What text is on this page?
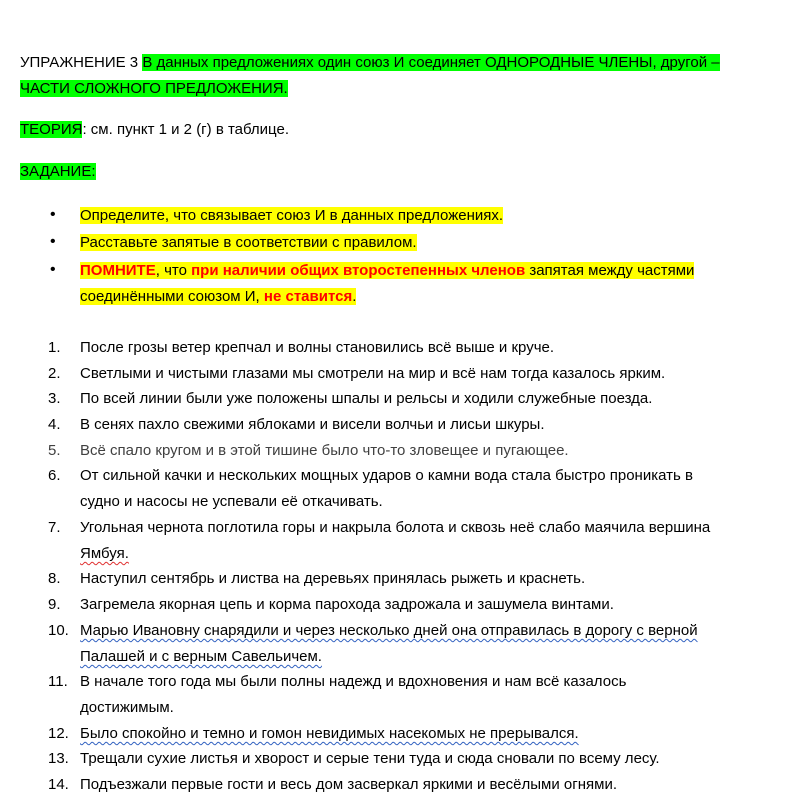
УПРАЖНЕНИЕ 3 В данных предложениях один союз И соединяет ОДНОРОДНЫЕ ЧЛЕНЫ, другой –
ЧАСТИ СЛОЖНОГО ПРЕДЛОЖЕНИЯ.
ТЕОРИЯ: см. пункт 1 и 2 (г) в таблице.
ЗАДАНИЕ:
• Определите, что связывает союз И в данных предложениях.
• Расставьте запятые в соответствии с правилом.
• ПОМНИТЕ, что при наличии общих второстепенных членов запятая между частями
соединёнными союзом И, не ставится.
1.	После грозы ветер крепчал и волны становились всё выше и круче.
2.	Светлыми и чистыми глазами мы смотрели на мир и всё нам тогда казалось ярким.
3.	По всей линии были уже положены шпалы и рельсы и ходили служебные поезда.
4.	В сенях пахло свежими яблоками и висели волчьи и лисьи шкуры.
5.	Всё спало кругом и в этой тишине было что-то зловещее и пугающее.
6.	От сильной качки и нескольких мощных ударов о камни вода стала быстро проникать в
судно и насосы не успевали её откачивать.
7.	Угольная чернота поглотила горы и накрыла болота и сквозь неё слабо маячила вершина
Ямбуя.
8.	Наступил сентябрь и листва на деревьях принялась рыжеть и краснеть.
9.	Загремела якорная цепь и корма парохода задрожала и зашумела винтами.
10. Марью Ивановну снарядили и через несколько дней она отправилась в дорогу с верной
Палашей и с верным Савельичем.
11. В начале того года мы были полны надежд и вдохновения и нам всё казалось
достижимым.
12. Было спокойно и темно и гомон невидимых насекомых не прерывался.
13. Трещали сухие листья и хворост и серые тени туда и сюда сновали по всему лесу.
14. Подъезжали первые гости и весь дом засверкал яркими и весёлыми огнями.
